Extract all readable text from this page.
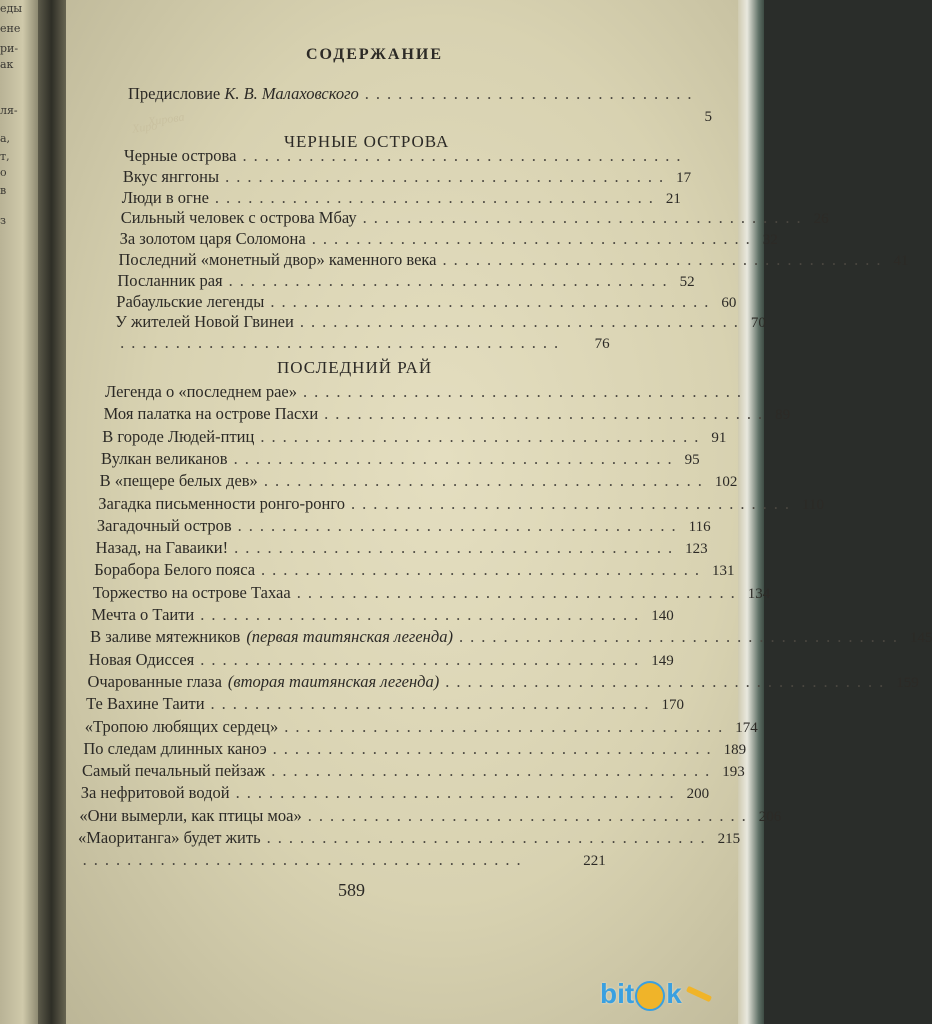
еды
ене
ри-
ак
ля-
а,
т,
о
в
з
Хиро
Хирова
СОДЕРЖАНИЕ
Предисловие К. В. Малаховского ..............................
5
ЧЕРНЫЕ ОСТРОВА
Черные острова ........................................
Вкус янггоны ........................................ 17
Люди в огне ........................................ 21
Сильный человек с острова Мбау ........................................ 26
За золотом царя Соломона ........................................ 32
Последний «монетный двор» каменного века ........................................ 41
Посланник рая ........................................ 52
Рабаульские легенды ........................................ 60
У жителей Новой Гвинеи ........................................ 70
........................................	76
ПОСЛЕДНИЙ РАЙ
Легенда о «последнем рае» ........................................
Моя палатка на острове Пасхи ........................................ 89
В городе Людей-птиц ........................................ 91
Вулкан великанов ........................................ 95
В «пещере белых дев» ........................................ 102
Загадка письменности ронго-ронго ........................................ 110
Загадочный остров ........................................ 116
Назад, на Гаваики! ........................................ 123
Борабора Белого пояса ........................................ 131
Торжество на острове Тахаа ........................................ 134
Мечта о Таити ........................................ 140
В заливе мятежников (первая таитянская легенда) ........................................ 145
Новая Одиссея ........................................ 149
Очарованные глаза (вторая таитянская легенда) ........................................ 159
Те Вахине Таити ........................................ 170
«Тропою любящих сердец» ........................................ 174
По следам длинных каноэ ........................................ 189
Самый печальный пейзаж ........................................ 193
За нефритовой водой ........................................ 200
«Они вымерли, как птицы моа» ........................................ 206
«Маоританга» будет жить ........................................ 215
........................................	221
589
bit k
